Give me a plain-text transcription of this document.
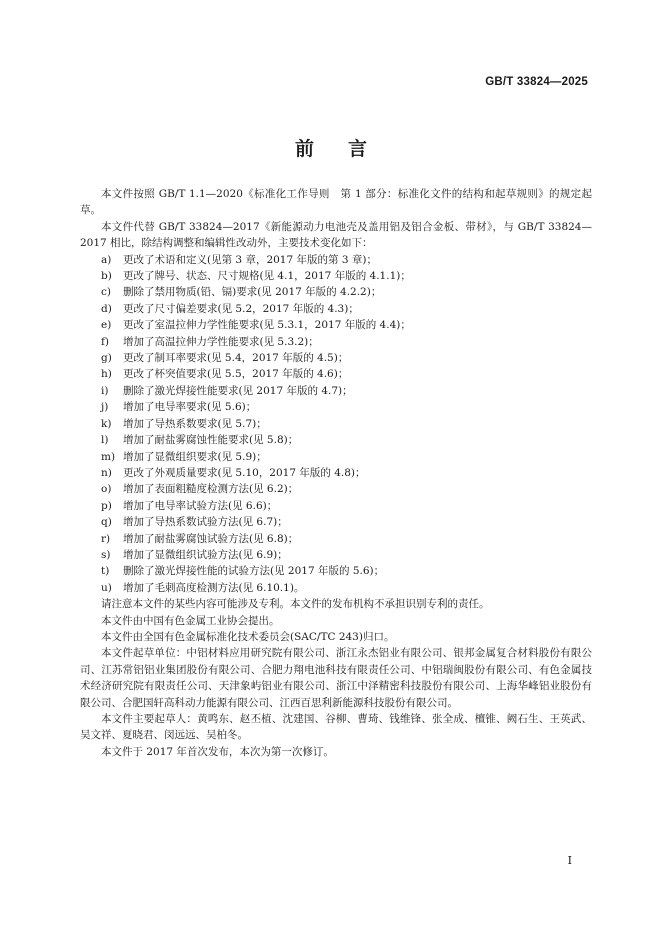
GB/T 33824—2025
前言

本文件按照 GB/T 1.1—2020《标准化工作导则　第 1 部分：标准化文件的结构和起草规则》的规定起草。

本文件代替 GB/T 33824—2017《新能源动力电池壳及盖用铝及铝合金板、带材》，与 GB/T 33824—2017 相比，除结构调整和编辑性改动外，主要技术变化如下：

a)	更改了术语和定义(见第 3 章，2017 年版的第 3 章)；
b)	更改了牌号、状态、尺寸规格(见 4.1，2017 年版的 4.1.1)；
c)	删除了禁用物质(铅、镉)要求(见 2017 年版的 4.2.2)；
d)	更改了尺寸偏差要求(见 5.2，2017 年版的 4.3)；
e)	更改了室温拉伸力学性能要求(见 5.3.1，2017 年版的 4.4)；
f)	增加了高温拉伸力学性能要求(见 5.3.2)；
g)	更改了制耳率要求(见 5.4，2017 年版的 4.5)；
h)	更改了杯突值要求(见 5.5，2017 年版的 4.6)；
i)	删除了激光焊接性能要求(见 2017 年版的 4.7)；
j)	增加了电导率要求(见 5.6)；
k)	增加了导热系数要求(见 5.7)；
l)	增加了耐盐雾腐蚀性能要求(见 5.8)；
m) 增加了显微组织要求(见 5.9)；
n)	更改了外观质量要求(见 5.10，2017 年版的 4.8)；
o)	增加了表面粗糙度检测方法(见 6.2)；
p)	增加了电导率试验方法(见 6.6)；
q)	增加了导热系数试验方法(见 6.7)；
r)	增加了耐盐雾腐蚀试验方法(见 6.8)；
s)	增加了显微组织试验方法(见 6.9)；
t)	删除了激光焊接性能的试验方法(见 2017 年版的 5.6)；
u)	增加了毛刺高度检测方法(见 6.10.1)。

请注意本文件的某些内容可能涉及专利。本文件的发布机构不承担识别专利的责任。

本文件由中国有色金属工业协会提出。

本文件由全国有色金属标准化技术委员会(SAC/TC 243)归口。

本文件起草单位：中铝材料应用研究院有限公司、浙江永杰铝业有限公司、银邦金属复合材料股份有限公司、江苏常铝铝业集团股份有限公司、合肥力翔电池科技有限责任公司、中铝瑞闽股份有限公司、有色金属技术经济研究院有限责任公司、天津象屿铝业有限公司、浙江中泽精密科技股份有限公司、上海华峰铝业股份有限公司、合肥国轩高科动力能源有限公司、江西百思利新能源科技股份有限公司。

本文件主要起草人：黄鸣东、赵丕植、沈建国、谷柳、曹琦、钱维锋、张全成、檀锥、阙石生、王英武、吴文祥、夏晓君、闵远远、吴柏冬。

本文件于 2017 年首次发布，本次为第一次修订。

I
